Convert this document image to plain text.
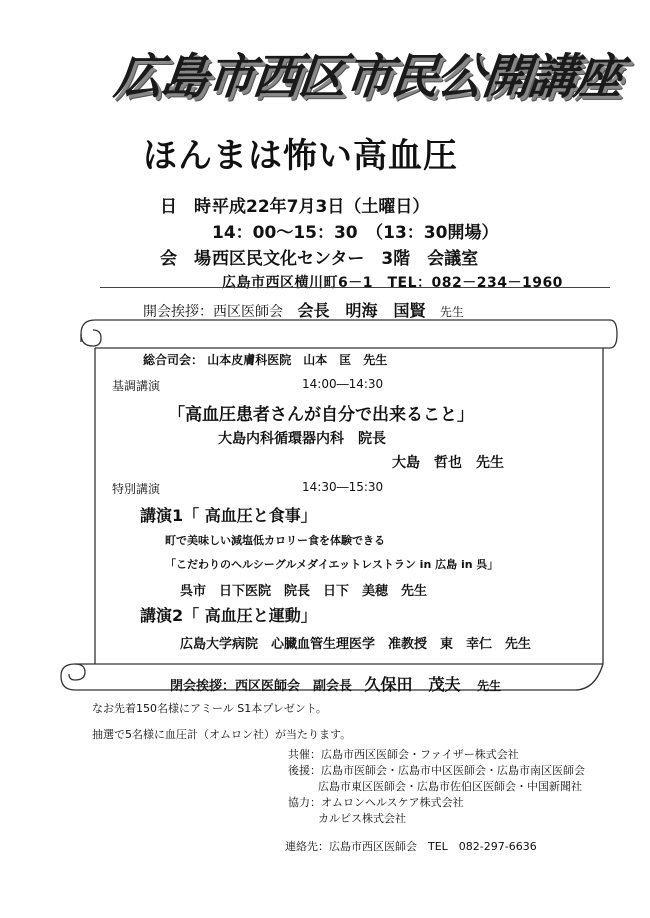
広島市西区市民公開講座
ほんまは怖い高血圧
日　時：
平成22年7月3日（土曜日）
14：00～15：30　（13：30開場）
会　場：
西区民文化センター　3階　会議室
広島市西区横川町6－1　TEL：082－234－1960
開会挨拶：西区医師会 会長　明海　国賢 先生
総合司会： 山本皮膚科医院　山本　匡　先生
基調講演	14:00―14:30
「高血圧患者さんが自分で出来ること」
大島内科循環器内科　院長
大島　哲也　先生
特別講演	14:30―15:30
講演1「 高血圧と食事」
町で美味しい減塩低カロリー食を体験できる
「こだわりのヘルシーグルメダイエットレストラン in 広島 in 呉」
呉市　日下医院　院長　日下　美穂　先生
講演2「 高血圧と運動」
広島大学病院　心臓血管生理医学　准教授　東　幸仁　先生
閉会挨拶：西区医師会　副会長 久保田　茂夫 先生
なお先着150名様にアミール S1本プレゼント。
抽選で5名様に血圧計（オムロン社）が当たります。
共催：広島市西区医師会・ファイザー株式会社
後援：広島市医師会・広島市中区医師会・広島市南区医師会
広島市東区医師会・広島市佐伯区医師会・中国新聞社
協力：オムロンヘルスケア株式会社
カルピス株式会社
連絡先：広島市西区医師会　TEL　082-297-6636
